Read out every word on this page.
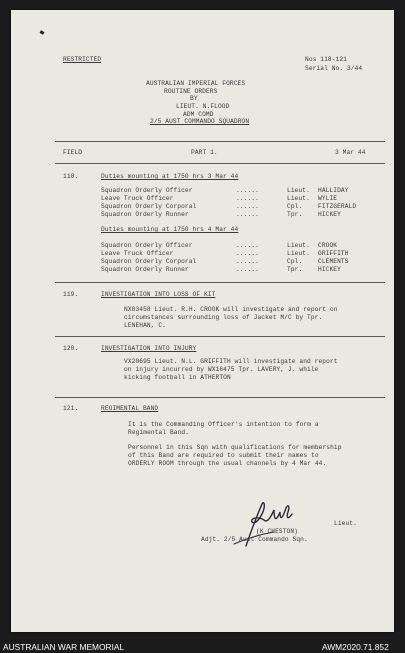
RESTRICTED	Nos 118-121
Serial No. 3/44
AUSTRALIAN IMPERIAL FORCES
ROUTINE ORDERS
BY
LIEUT. N.FLOOD
ADM COMD
2/5 AUST COMMANDO SQUADRON
FIELD	PART 1.	3 Mar 44
118.	Duties mounting at 1750 hrs 3 Mar 44
Squadron Orderly Officer	......	Lieut. HALLIDAY
Leave Truck Officer	......	Lieut. WYLIE
Squadron Orderly Corporal	......	Cpl.	FITZGERALD
Squadron Orderly Runner	......	Tpr.	HICKEY
Duties mounting at 1750 hrs 4 Mar 44
Squadron Orderly Officer	......	Lieut. CROOK
Leave Truck Officer	......	Lieut. GRIFFITH
Squadron Orderly Corporal	......	Cpl.	CLEMENTS
Squadron Orderly Runner	......	Tpr.	HICKEY
119.	INVESTIGATION INTO LOSS OF KIT
NX83458 Lieut. R.H. CROOK will investigate and report on
circumstances surrounding loss of Jacket M/C by Tpr.
LENEHAN, C.
120.	INVESTIGATION INTO INJURY
VX20695 Lieut. N.L. GRIFFITH will investigate and report
on injury incurred by WX16475 Tpr. LAVERY, J. while
kicking football in ATHERTON
121.	REGIMENTAL BAND
It is the Commanding Officer's intention to form a
Regimental Band.
Personnel in this Sqn with qualifications for membership
of this Band are required to submit their names to
ORDERLY ROOM through the usual channels by 4 Mar 44.
Lieut.
(K CHESTON)
Adjt. 2/5 Aust Commando Sqn.
AUSTRALIAN WAR MEMORIAL	AWM2020.71.852
